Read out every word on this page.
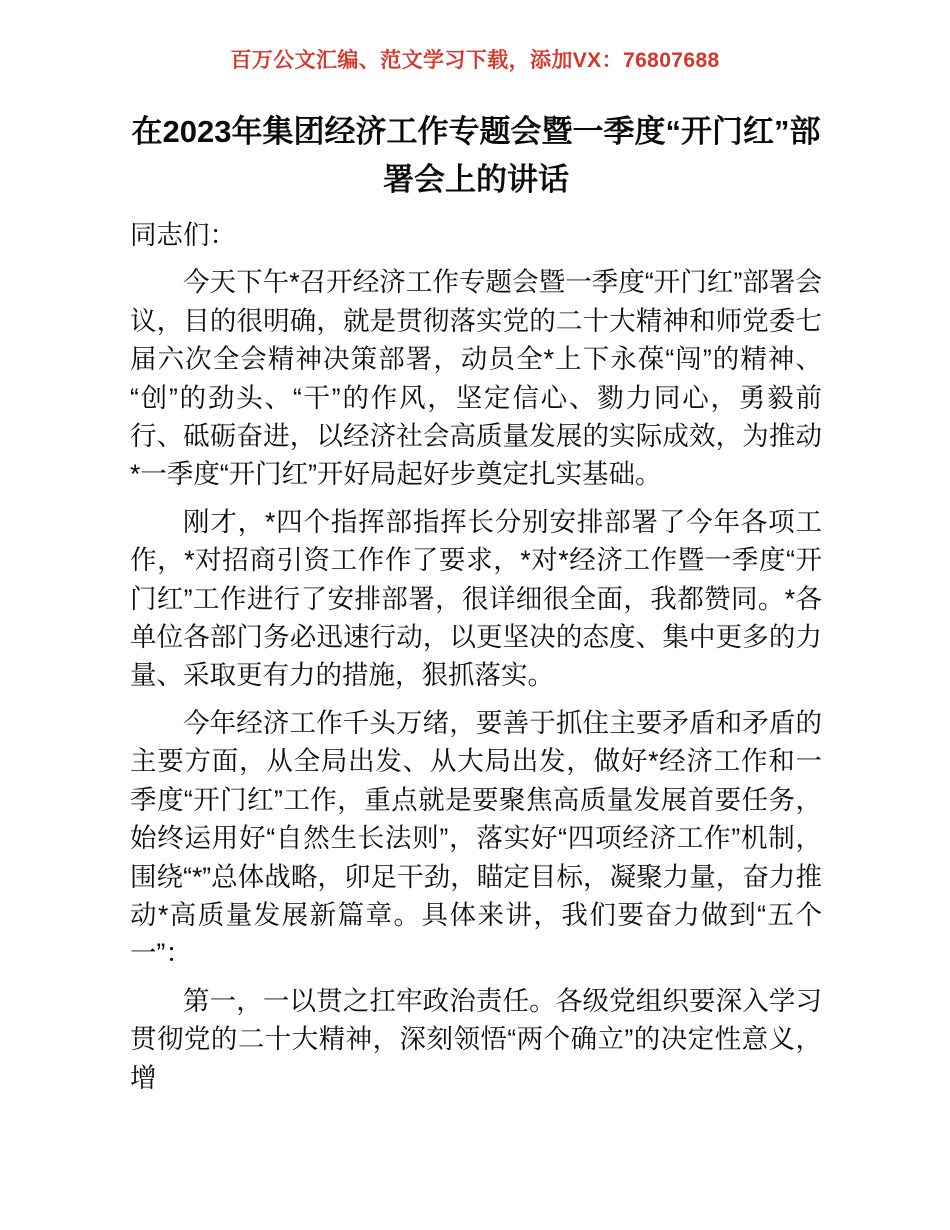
百万公文汇编、范文学习下载，添加VX：76807688
在2023年集团经济工作专题会暨一季度“开门红”部署会上的讲话

同志们：

今天下午*召开经济工作专题会暨一季度“开门红”部署会议，目的很明确，就是贯彻落实党的二十大精神和师党委七届六次全会精神决策部署，动员全*上下永葆“闯”的精神、“创”的劲头、“干”的作风，坚定信心、勠力同心，勇毅前行、砥砺奋进，以经济社会高质量发展的实际成效，为推动*一季度“开门红”开好局起好步奠定扎实基础。

刚才，*四个指挥部指挥长分别安排部署了今年各项工作，*对招商引资工作作了要求，*对*经济工作暨一季度“开门红”工作进行了安排部署，很详细很全面，我都赞同。*各单位各部门务必迅速行动，以更坚决的态度、集中更多的力量、采取更有力的措施，狠抓落实。

今年经济工作千头万绪，要善于抓住主要矛盾和矛盾的主要方面，从全局出发、从大局出发，做好*经济工作和一季度“开门红”工作，重点就是要聚焦高质量发展首要任务，始终运用好“自然生长法则”，落实好“四项经济工作”机制，围绕“*”总体战略，卯足干劲，瞄定目标，凝聚力量，奋力推动*高质量发展新篇章。具体来讲，我们要奋力做到“五个一”：

第一，一以贯之扛牢政治责任。各级党组织要深入学习贯彻党的二十大精神，深刻领悟“两个确立”的决定性意义，增
